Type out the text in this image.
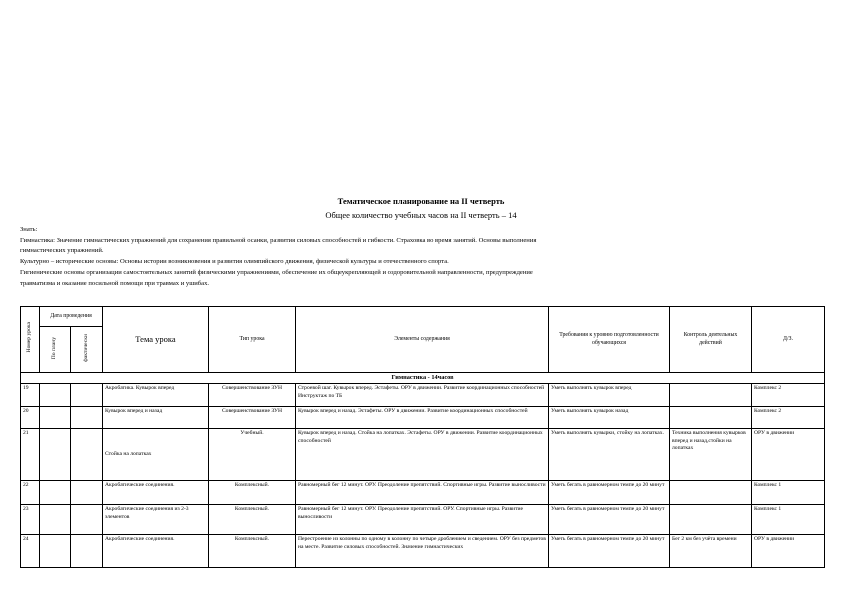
Тематическое планирование на II четверть
Общее количество учебных часов на II четверть – 14
Знать:
Гимнастика: Значение гимнастических упражнений для сохранения правильной осанки, развития силовых способностей и гибкости. Страховка во время занятий. Основы выполнения
гимнастических упражнений.
Культурно – исторические основы: Основы истории возникновения и развития олимпийского движения, физической культуры и отечественного спорта.
Гигиенические основы организации самостоятельных занятий физическими упражнениями, обеспечение их общеукрепляющей и оздоровительной направленности, предупреждение
травматизма и оказание посильной помощи при травмах и ушибах.
Номер урока	Дата проведения		Тема урока	Тип урока	Элементы содержания	Требования к уровню подготовленности обучающихся	Контроль деятельных действий	Д/З.
	По плану	фактически						
Гимнастика - 14часов								
19			Акробатика. Кувырок вперед	Совершенствование ЗУН	Строевой шаг. Кувырок вперед. Эстафеты. ОРУ в движении. Развитие координационных способностей Инструктаж по ТБ	Уметь выполнять кувырок вперед		Комплекс 2
20			Кувырок вперед и назад	Совершенствование ЗУН	Кувырок вперед и назад. Эстафеты. ОРУ в движении. Развитие координационных способностей	Уметь выполнять кувырок назад		Комплекс 2
21			Стойка на лопатках	Учебный.	Кувырок вперед и назад. Стойка на лопатках. Эстафеты. ОРУ в движении. Развитие координационных способностей	Уметь выполнять кувырки, стойку на лопатках.	Техника выполнения кувырков вперед и назад,стойки на лопатках	ОРУ в движении
22			Акробатические соединения.	Комплексный.	Равномерный бег 12 минут. ОРУ. Преодоление препятствий. Спортивные игры. Развитие выносливости	Уметь бегать в равномерном темпе до 20 минут		Комплекс 1
23			Акробатические соединения из 2-3 элементов	Комплексный.	Равномерный бег 12 минут. ОРУ. Преодоление препятствий. ОРУ. Спортивные игры. Развитие выносливости	Уметь бегать в равномерном темпе до 20 минут		Комплекс 1
24			Акробатические соединения.	Комплексный.	Перестроение из колонны по одному в колонну по четыре дроблением и сведением. ОРУ без предметов на месте. Развитие силовых способностей. Значение гимнастических	Уметь бегать в равномерном темпе до 20 минут	Бег 2 км без учёта времени	ОРУ в движении
